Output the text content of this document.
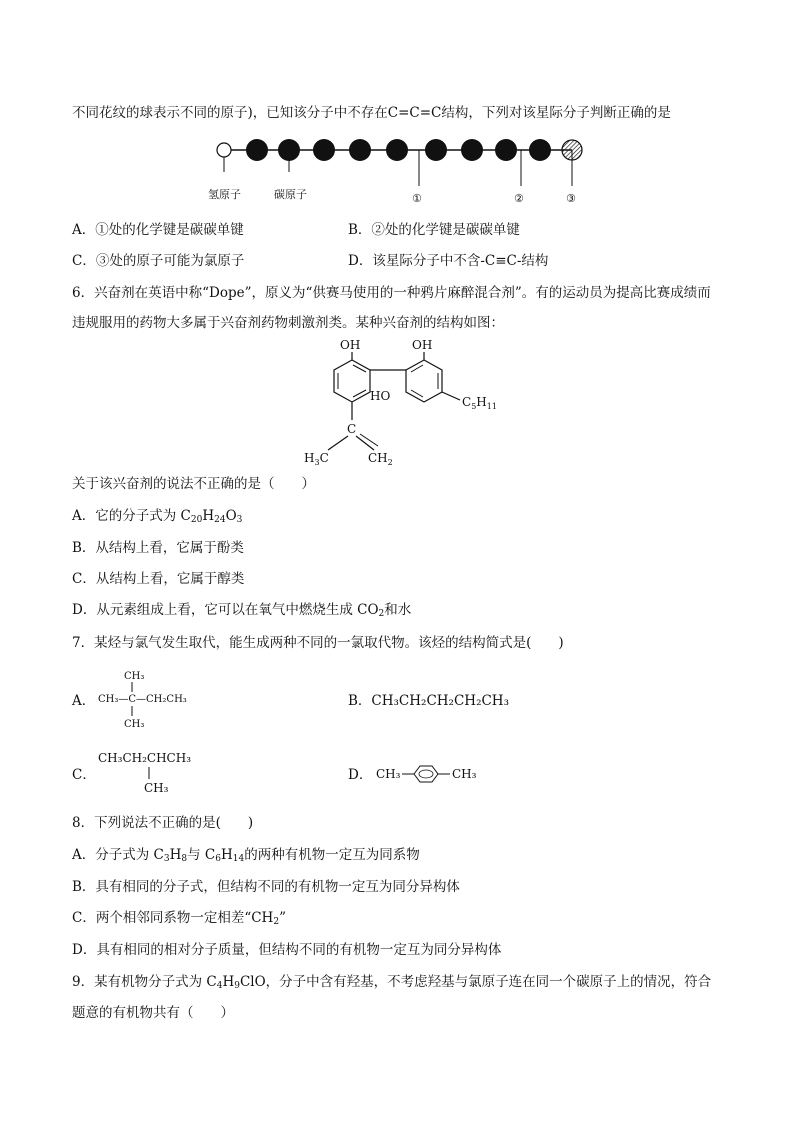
不同花纹的球表示不同的原子)，已知该分子中不存在C=C=C结构，下列对该星际分子判断正确的是
氢原子	碳原子	①	②	③
A．①处的化学键是碳碳单键	B．②处的化学键是碳碳单键
C．③处的原子可能为氯原子	D．该星际分子中不含-C≡C-结构
6．兴奋剂在英语中称“Dope”，原义为“供赛马使用的一种鸦片麻醉混合剂”。有的运动员为提高比赛成绩而
违规服用的药物大多属于兴奋剂药物刺激剂类。某种兴奋剂的结构如图：
OH	OH
HO	$C_5H_{11}$
C
$H_3C$	$CH_2$
关于该兴奋剂的说法不正确的是（　　）
A．它的分子式为 $C_{20}H_{24}O_3$
B．从结构上看，它属于酚类
C．从结构上看，它属于醇类
D．从元素组成上看，它可以在氧气中燃烧生成 $CO_2$和水
7．某烃与氯气发生取代，能生成两种不同的一氯取代物。该烃的结构简式是(　　)
A．
CH₃
CH₃—C—CH₂CH₃
CH₃
B．CH₃CH₂CH₂CH₂CH₃
C．
CH₃CH₂CHCH₃
CH₃
D． CH₃	CH₃
8．下列说法不正确的是(　　)
A．分子式为 $C_3H_8$与 $C_6H_{14}$的两种有机物一定互为同系物
B．具有相同的分子式，但结构不同的有机物一定互为同分异构体
C．两个相邻同系物一定相差“$CH_2$”
D．具有相同的相对分子质量，但结构不同的有机物一定互为同分异构体
9．某有机物分子式为 $C_4H_9ClO$，分子中含有羟基，不考虑羟基与氯原子连在同一个碳原子上的情况，符合
题意的有机物共有（　　）
